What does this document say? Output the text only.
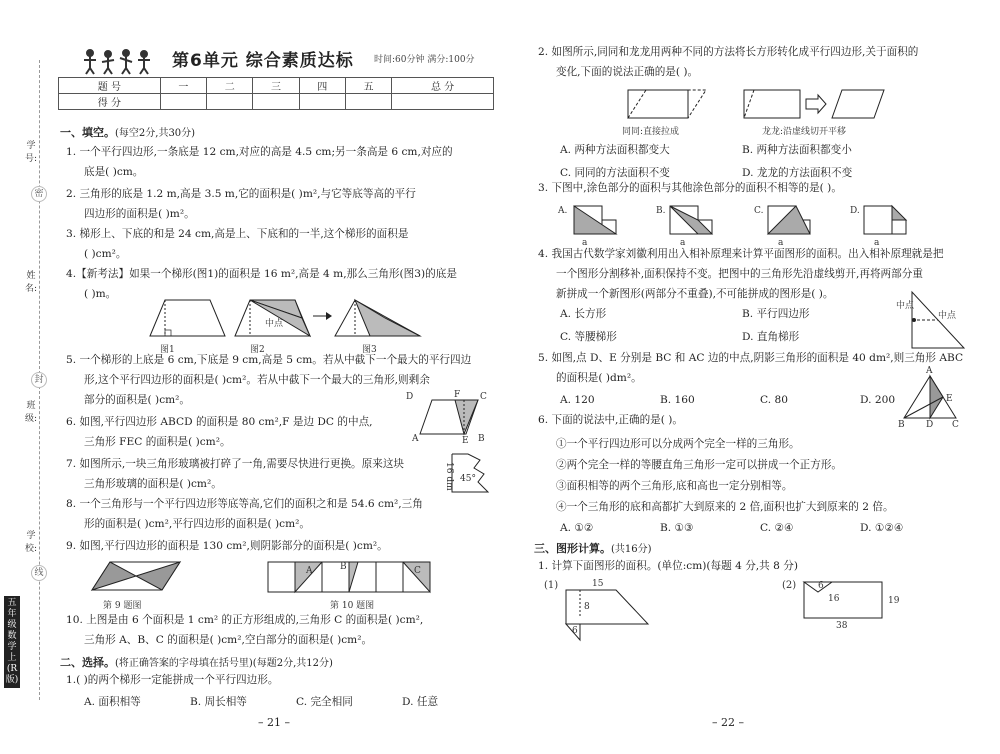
学号:
姓名:
班级:
学校:
密
封
线
五年级数学上(R版)
第6单元 综合素质达标 时间:60分钟 满分:100分
题 号	一	二	三	四	五	总 分
得 分						
一、填空。(每空2分,共30分)
1. 一个平行四边形,一条底是 12 cm,对应的高是 4.5 cm;另一条高是 6 cm,对应的
底是( )cm。
2. 三角形的底是 1.2 m,高是 3.5 m,它的面积是( )m²,与它等底等高的平行
四边形的面积是( )m²。
3. 梯形上、下底的和是 24 cm,高是上、下底和的一半,这个梯形的面积是
( )cm²。
4.【新考法】如果一个梯形(图1)的面积是 16 m²,高是 4 m,那么三角形(图3)的底是
( )m。
图1	图2	图3
中点
5. 一个梯形的上底是 6 cm,下底是 9 cm,高是 5 cm。若从中截下一个最大的平行四边
形,这个平行四边形的面积是( )cm²。若从中截下一个最大的三角形,则剩余
部分的面积是( )cm²。
6. 如图,平行四边形 ABCD 的面积是 80 cm²,F 是边 DC 的中点,
三角形 FEC 的面积是( )cm²。
D	F C
A	E B
7. 如图所示,一块三角形玻璃被打碎了一角,需要尽快进行更换。原来这块
三角形玻璃的面积是( )cm²。	16 dm 45°
8. 一个三角形与一个平行四边形等底等高,它们的面积之和是 54.6 cm²,三角
形的面积是( )cm²,平行四边形的面积是( )cm²。
9. 如图,平行四边形的面积是 130 cm²,则阴影部分的面积是( )cm²。
A	B	C
第 9 题图	第 10 题图
10. 上图是由 6 个面积是 1 cm² 的正方形组成的,三角形 C 的面积是( )cm²,
三角形 A、B、C 的面积是( )cm²,空白部分的面积是( )cm²。
二、选择。(将正确答案的字母填在括号里)(每题2分,共12分)
1.( )的两个梯形一定能拼成一个平行四边形。
A. 面积相等	B. 周长相等	C. 完全相同	D. 任意
– 21 –
2. 如图所示,同同和龙龙用两种不同的方法将长方形转化成平行四边形,关于面积的
变化,下面的说法正确的是( )。
同同:直接拉成	龙龙:沿虚线切开平移
A. 两种方法面积都变大	B. 两种方法面积都变小
C. 同同的方法面积不变	D. 龙龙的方法面积不变
3. 下图中,涂色部分的面积与其他涂色部分的面积不相等的是( )。
A.	B.	C.	D.
a	a	a	a
4. 我国古代数学家刘徽利用出入相补原理来计算平面图形的面积。出入相补原理就是把
一个图形分割移补,面积保持不变。把图中的三角形先沿虚线剪开,再将两部分重
新拼成一个新图形(两部分不重叠),不可能拼成的图形是( )。
中点
中点
A. 长方形	B. 平行四边形
C. 等腰梯形	D. 直角梯形
5. 如图,点 D、E 分别是 BC 和 AC 边的中点,阴影三角形的面积是 40 dm²,则三角形 ABC
的面积是( )dm²。
A
E
B D C
A. 120	B. 160	C. 80	D. 200
6. 下面的说法中,正确的是( )。
①一个平行四边形可以分成两个完全一样的三角形。
②两个完全一样的等腰直角三角形一定可以拼成一个正方形。
③面积相等的两个三角形,底和高也一定分别相等。
④一个三角形的底和高都扩大到原来的 2 倍,面积也扩大到原来的 2 倍。
A. ①②	B. ①③	C. ②④	D. ①②④
三、图形计算。(共16分)
1. 计算下面图形的面积。(单位:cm)(每题 4 分,共 8 分)
(1)	15
8
6
(2) 6
16	19
38
– 22 –
